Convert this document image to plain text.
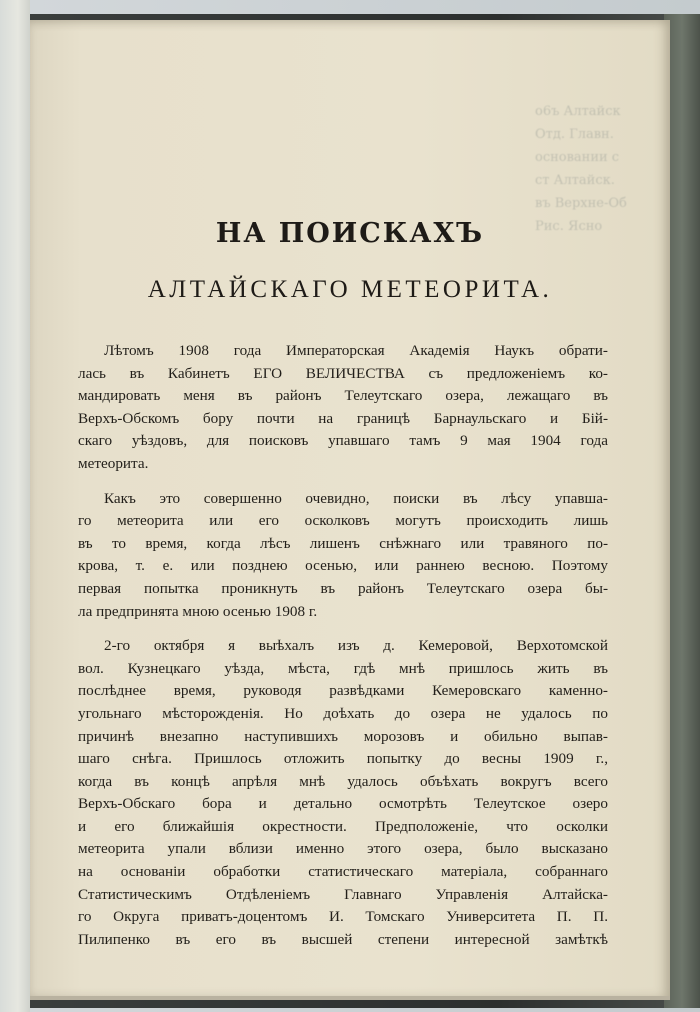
о6ъ Алтайск
Отд. Главн.
основании с
ст Алтайск.
въ Верхне-Об
Рис. Ясно
НА ПОИСКАХЪ
АЛТАЙСКАГО МЕТЕОРИТА.
Лѣтомъ 1908 года Императорская Академія Наукъ обрати-
лась въ Кабинетъ ЕГО ВЕЛИЧЕСТВА съ предложеніемъ ко-
мандировать меня въ районъ Телеутскаго озера, лежащаго въ
Верхъ-Обскомъ бору почти на границѣ Барнаульскаго и Бій-
скаго уѣздовъ, для поисковъ упавшаго тамъ 9 мая 1904 года
метеорита.
Какъ это совершенно очевидно, поиски въ лѣсу упавша-
го метеорита или его осколковъ могутъ происходить лишь
въ то время, когда лѣсъ лишенъ снѣжнаго или травяного по-
крова, т. е. или позднею осенью, или раннею весною. Поэтому
первая попытка проникнуть въ районъ Телеутскаго озера бы-
ла предпринята мною осенью 1908 г.
2-го октября я выѣхалъ изъ д. Кемеровой, Верхотомской
вол. Кузнецкаго уѣзда, мѣста, гдѣ мнѣ пришлось жить въ
послѣднее время, руководя развѣдками Кемеровскаго каменно-
угольнаго мѣсторожденія. Но доѣхать до озера не удалось по
причинѣ внезапно наступившихъ морозовъ и обильно выпав-
шаго снѣга. Пришлось отложить попытку до весны 1909 г.,
когда въ концѣ апрѣля мнѣ удалось объѣхать вокругъ всего
Верхъ-Обскаго бора и детально осмотрѣть Телеутское озеро
и его ближайшія окрестности. Предположеніе, что осколки
метеорита упали вблизи именно этого озера, было высказано
на основаніи обработки статистическаго матеріала, собраннаго
Статистическимъ Отдѣленіемъ Главнаго Управленія Алтайска-
го Округа приватъ-доцентомъ И. Томскаго Университета П. П.
Пилипенко въ его въ высшей степени интересной замѣткѣ
